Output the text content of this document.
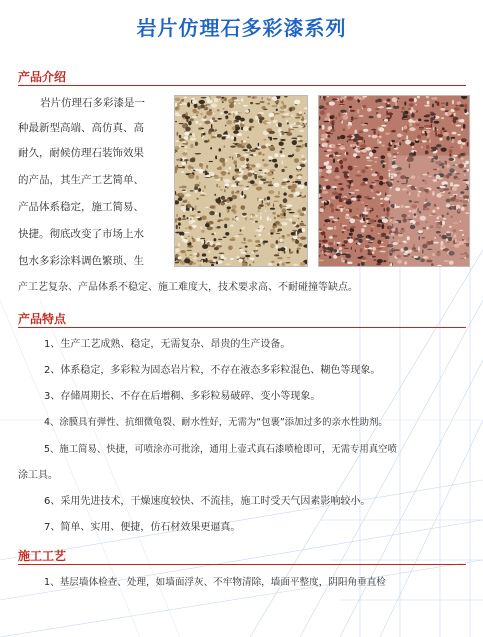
岩片仿理石多彩漆系列
产品介绍
岩片仿理石多彩漆是一
种最新型高端、高仿真、高
耐久，耐候仿理石装饰效果
的产品，其生产工艺简单、
产品体系稳定，施工简易、
快捷。彻底改变了市场上水
包水多彩涂料调色繁琐、生
产工艺复杂、产品体系不稳定、施工难度大，技术要求高、不耐碰撞等缺点。
产品特点
1、生产工艺成熟、稳定，无需复杂、昂贵的生产设备。
2、体系稳定，多彩粒为固态岩片粒，不存在液态多彩粒混色、糊色等现象。
3、存储周期长、不存在后增稠、多彩粒易破碎、变小等现象。
4、涂膜具有弹性、抗细微龟裂、耐水性好，无需为“包裹”添加过多的亲水性助剂。
5、施工简易、快捷，可喷涂亦可批涂，通用上壶式真石漆喷枪即可，无需专用真空喷
涂工具。
6、采用先进技术，干燥速度较快、不流挂，施工时受天气因素影响较小。
7、简单、实用、便捷，仿石材效果更逼真。
施工工艺
1、基层墙体检查、处理，如墙面浮灰、不牢物清除，墙面平整度，阴阳角垂直检
